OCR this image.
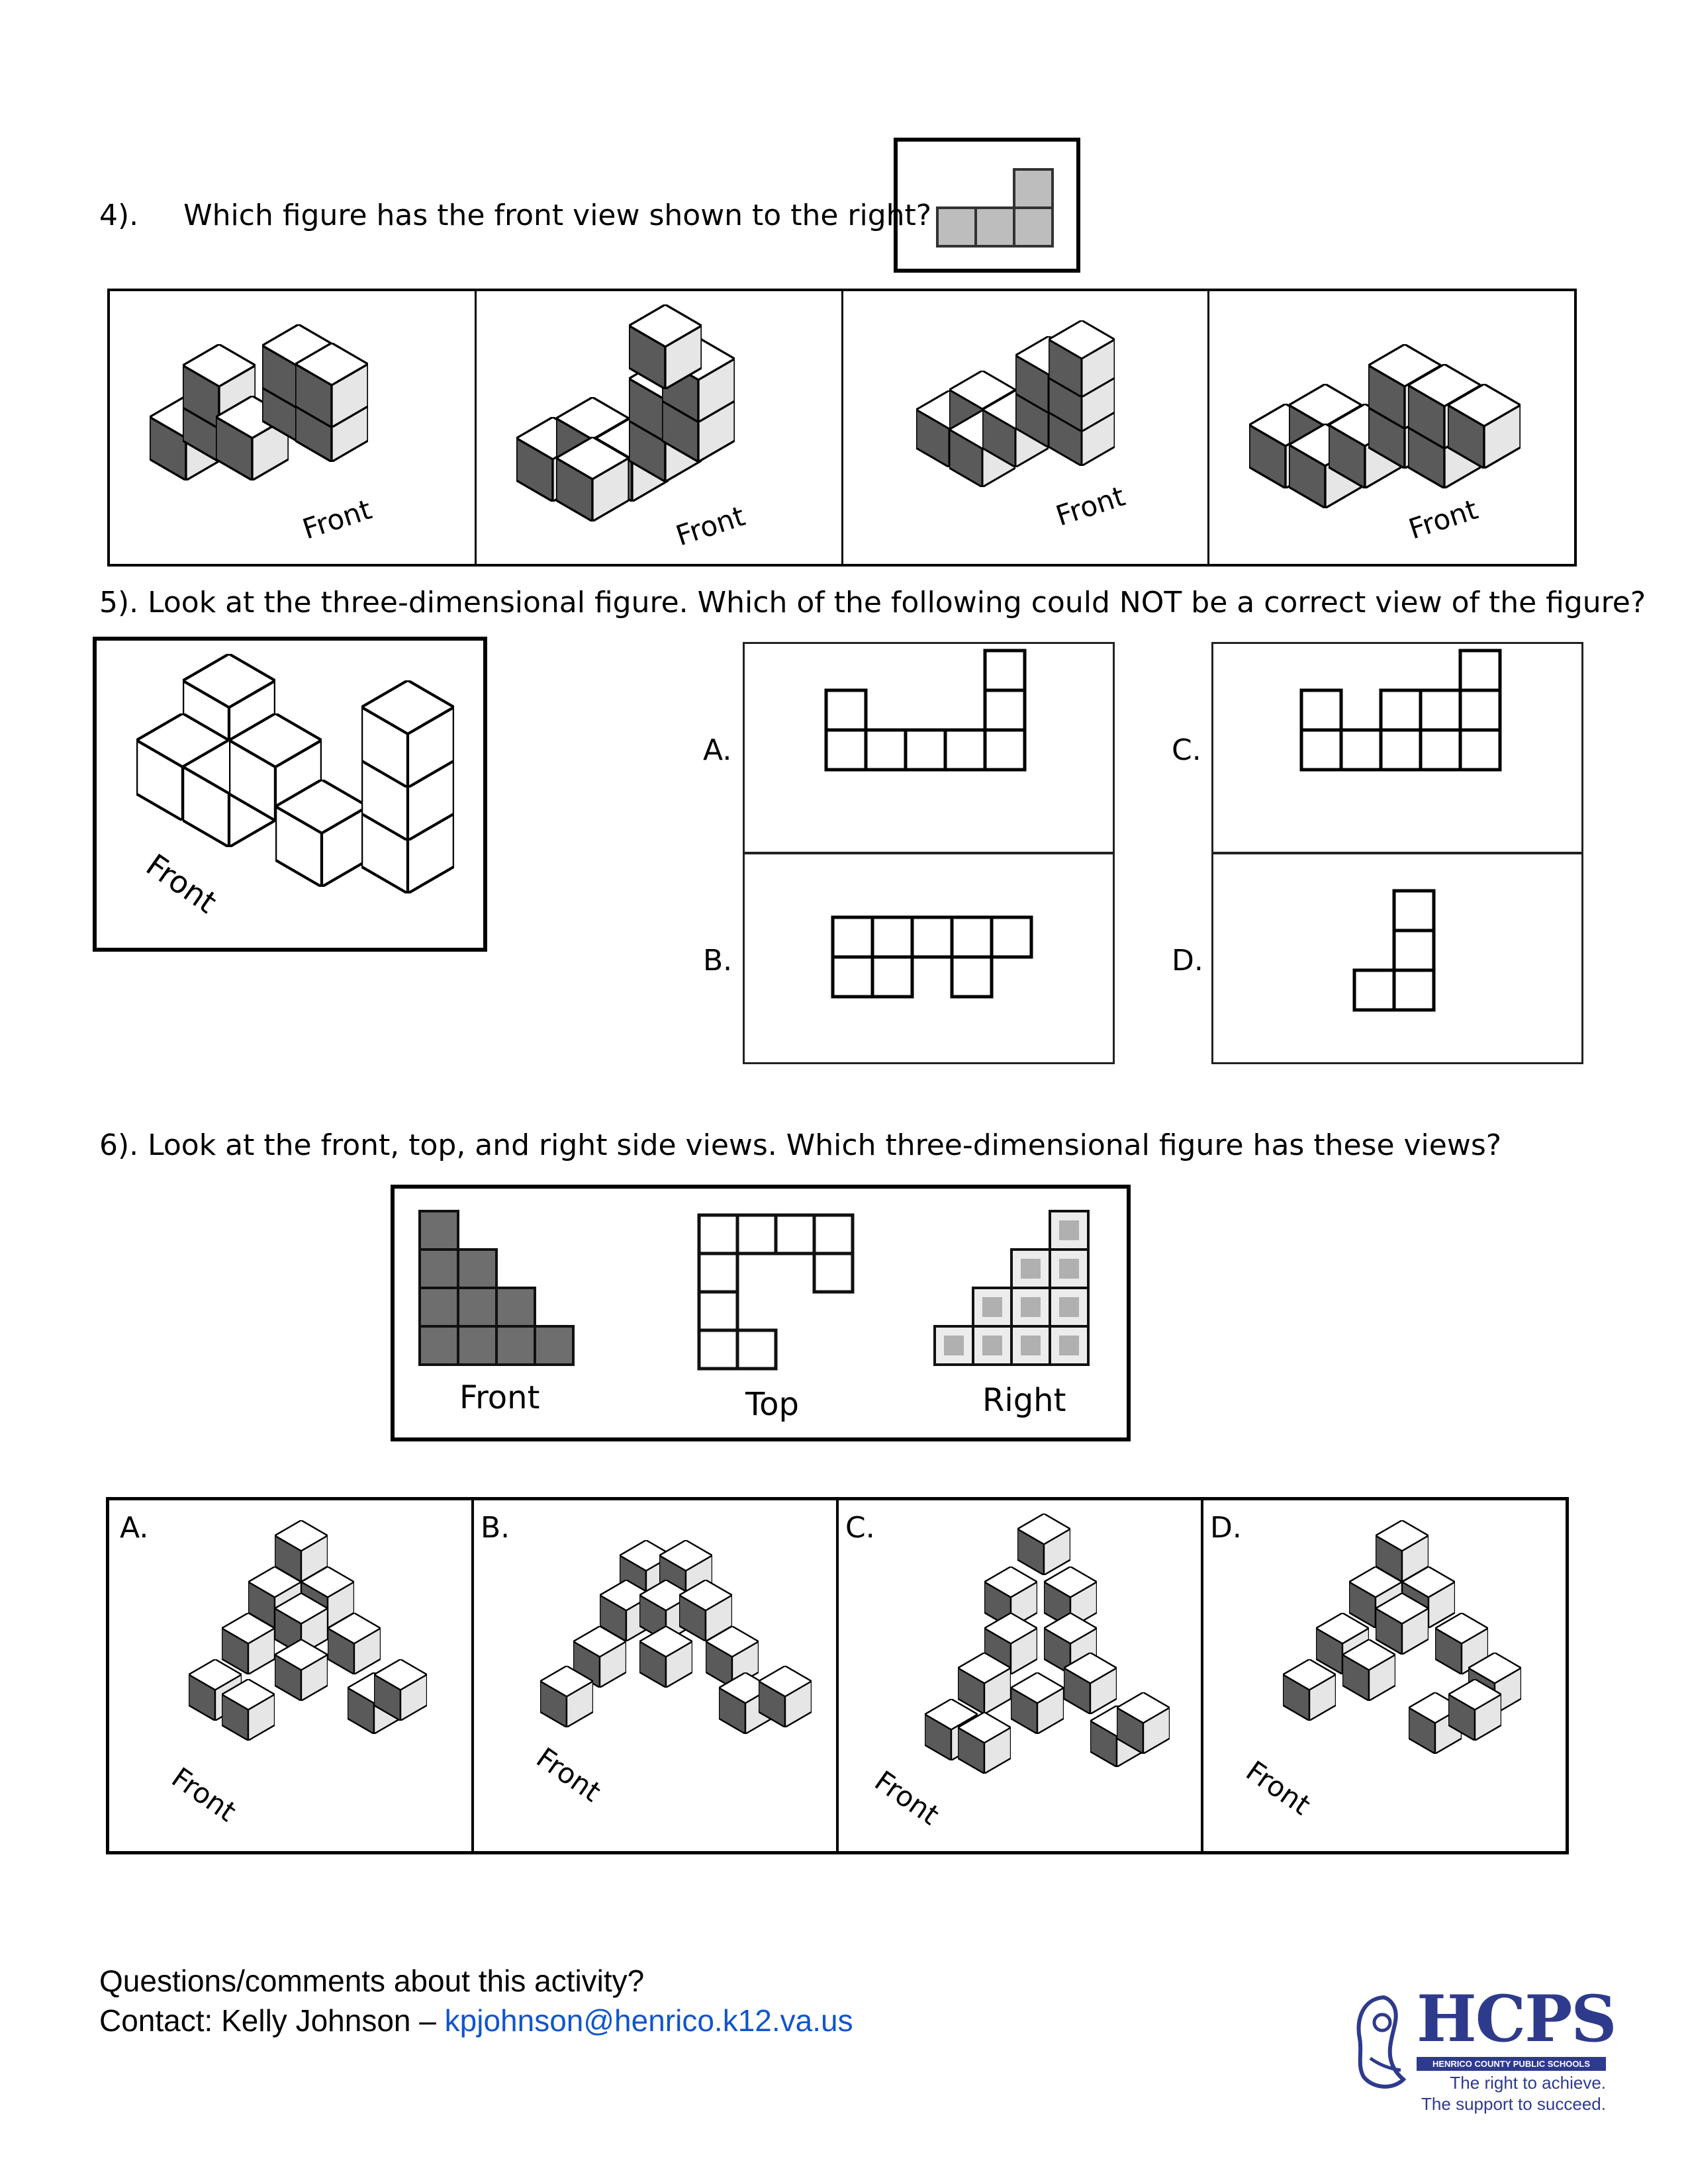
4). Which figure has the front view shown to the right?
Front	Front	Front	Front
5). Look at the three-dimensional figure. Which of the following could NOT be a correct view of the figure?
Front
A.
B.
C.
D.
6). Look at the front, top, and right side views. Which three-dimensional figure has these views?
Front	Top	Right
A.
Front
B.
Front
C.
Front
D.
Front
Questions/comments about this activity?
Contact: Kelly Johnson – kpjohnson@henrico.k12.va.us	HCPS
HENRICO COUNTY PUBLIC SCHOOLS
The right to achieve.
The support to succeed.
